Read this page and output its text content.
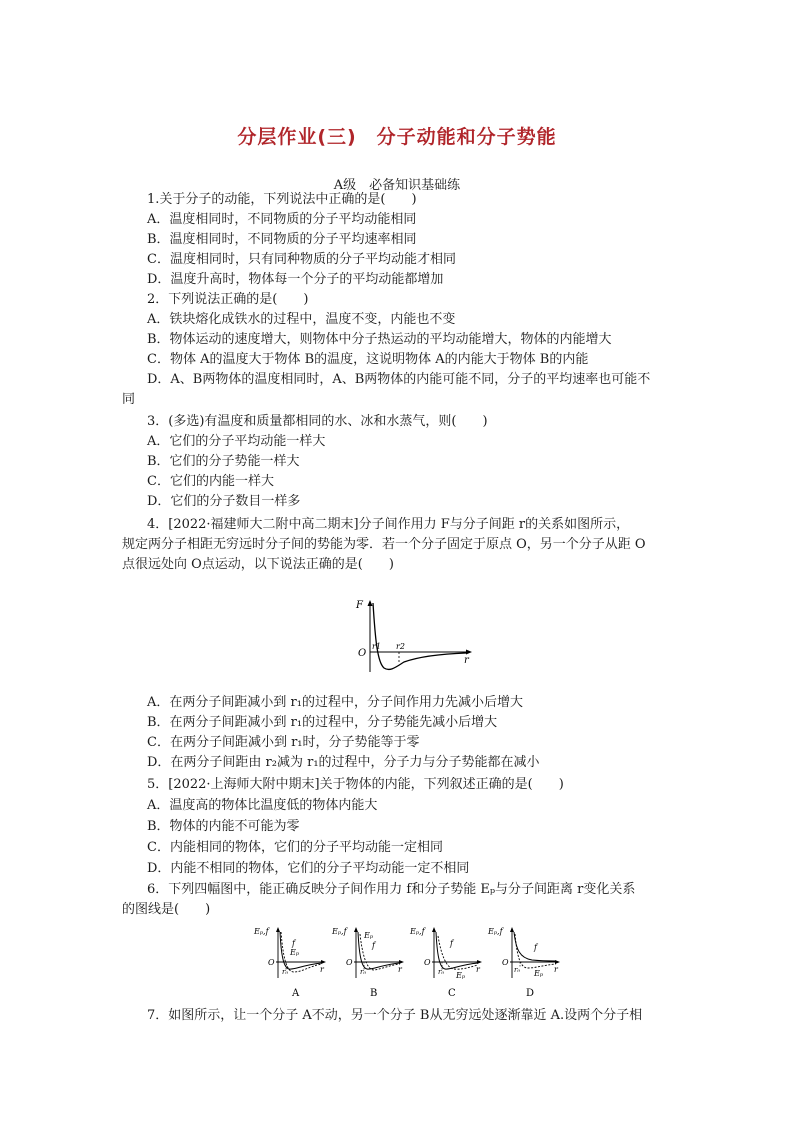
分层作业(三)　分子动能和分子势能
A级　必备知识基础练
1.关于分子的动能，下列说法中正确的是(　　)
A．温度相同时，不同物质的分子平均动能相同
B．温度相同时，不同物质的分子平均速率相同
C．温度相同时，只有同种物质的分子平均动能才相同
D．温度升高时，物体每一个分子的平均动能都增加
2．下列说法正确的是(　　)
A．铁块熔化成铁水的过程中，温度不变，内能也不变
B．物体运动的速度增大，则物体中分子热运动的平均动能增大，物体的内能增大
C．物体 A的温度大于物体 B的温度，这说明物体 A的内能大于物体 B的内能
D．A、B两物体的温度相同时，A、B两物体的内能可能不同，分子的平均速率也可能不
同
3．(多选)有温度和质量都相同的水、冰和水蒸气，则(　　)
A．它们的分子平均动能一样大
B．它们的分子势能一样大
C．它们的内能一样大
D．它们的分子数目一样多
4．[2022·福建师大二附中高二期末]分子间作用力 F与分子间距 r的关系如图所示，
规定两分子相距无穷远时分子间的势能为零．若一个分子固定于原点 O，另一个分子从距 O
点很远处向 O点运动，以下说法正确的是(　　)
F
O
r1 r2
r
A．在两分子间距减小到 r₁的过程中，分子间作用力先减小后增大
B．在两分子间距减小到 r₁的过程中，分子势能先减小后增大
C．在两分子间距减小到 r₁时，分子势能等于零
D．在两分子间距由 r₂减为 r₁的过程中，分子力与分子势能都在减小
5．[2022·上海师大附中期末]关于物体的内能，下列叙述正确的是(　　)
A．温度高的物体比温度低的物体内能大
B．物体的内能不可能为零
C．内能相同的物体，它们的分子平均动能一定相同
D．内能不相同的物体，它们的分子平均动能一定不相同
6．下列四幅图中，能正确反映分子间作用力 f和分子势能 Eₚ与分子间距离 r变化关系
的图线是(　　)
Eₚ,f
f
Eₚ
O
r₀	r
A
Eₚ,f
f
Eₚ
O
r₀	r
B
Eₚ,f
f
Eₚ
O
r₀	r
C
Eₚ,f
f
Eₚ
O
r₀	r
D
7．如图所示，让一个分子 A不动，另一个分子 B从无穷远处逐渐靠近 A.设两个分子相
